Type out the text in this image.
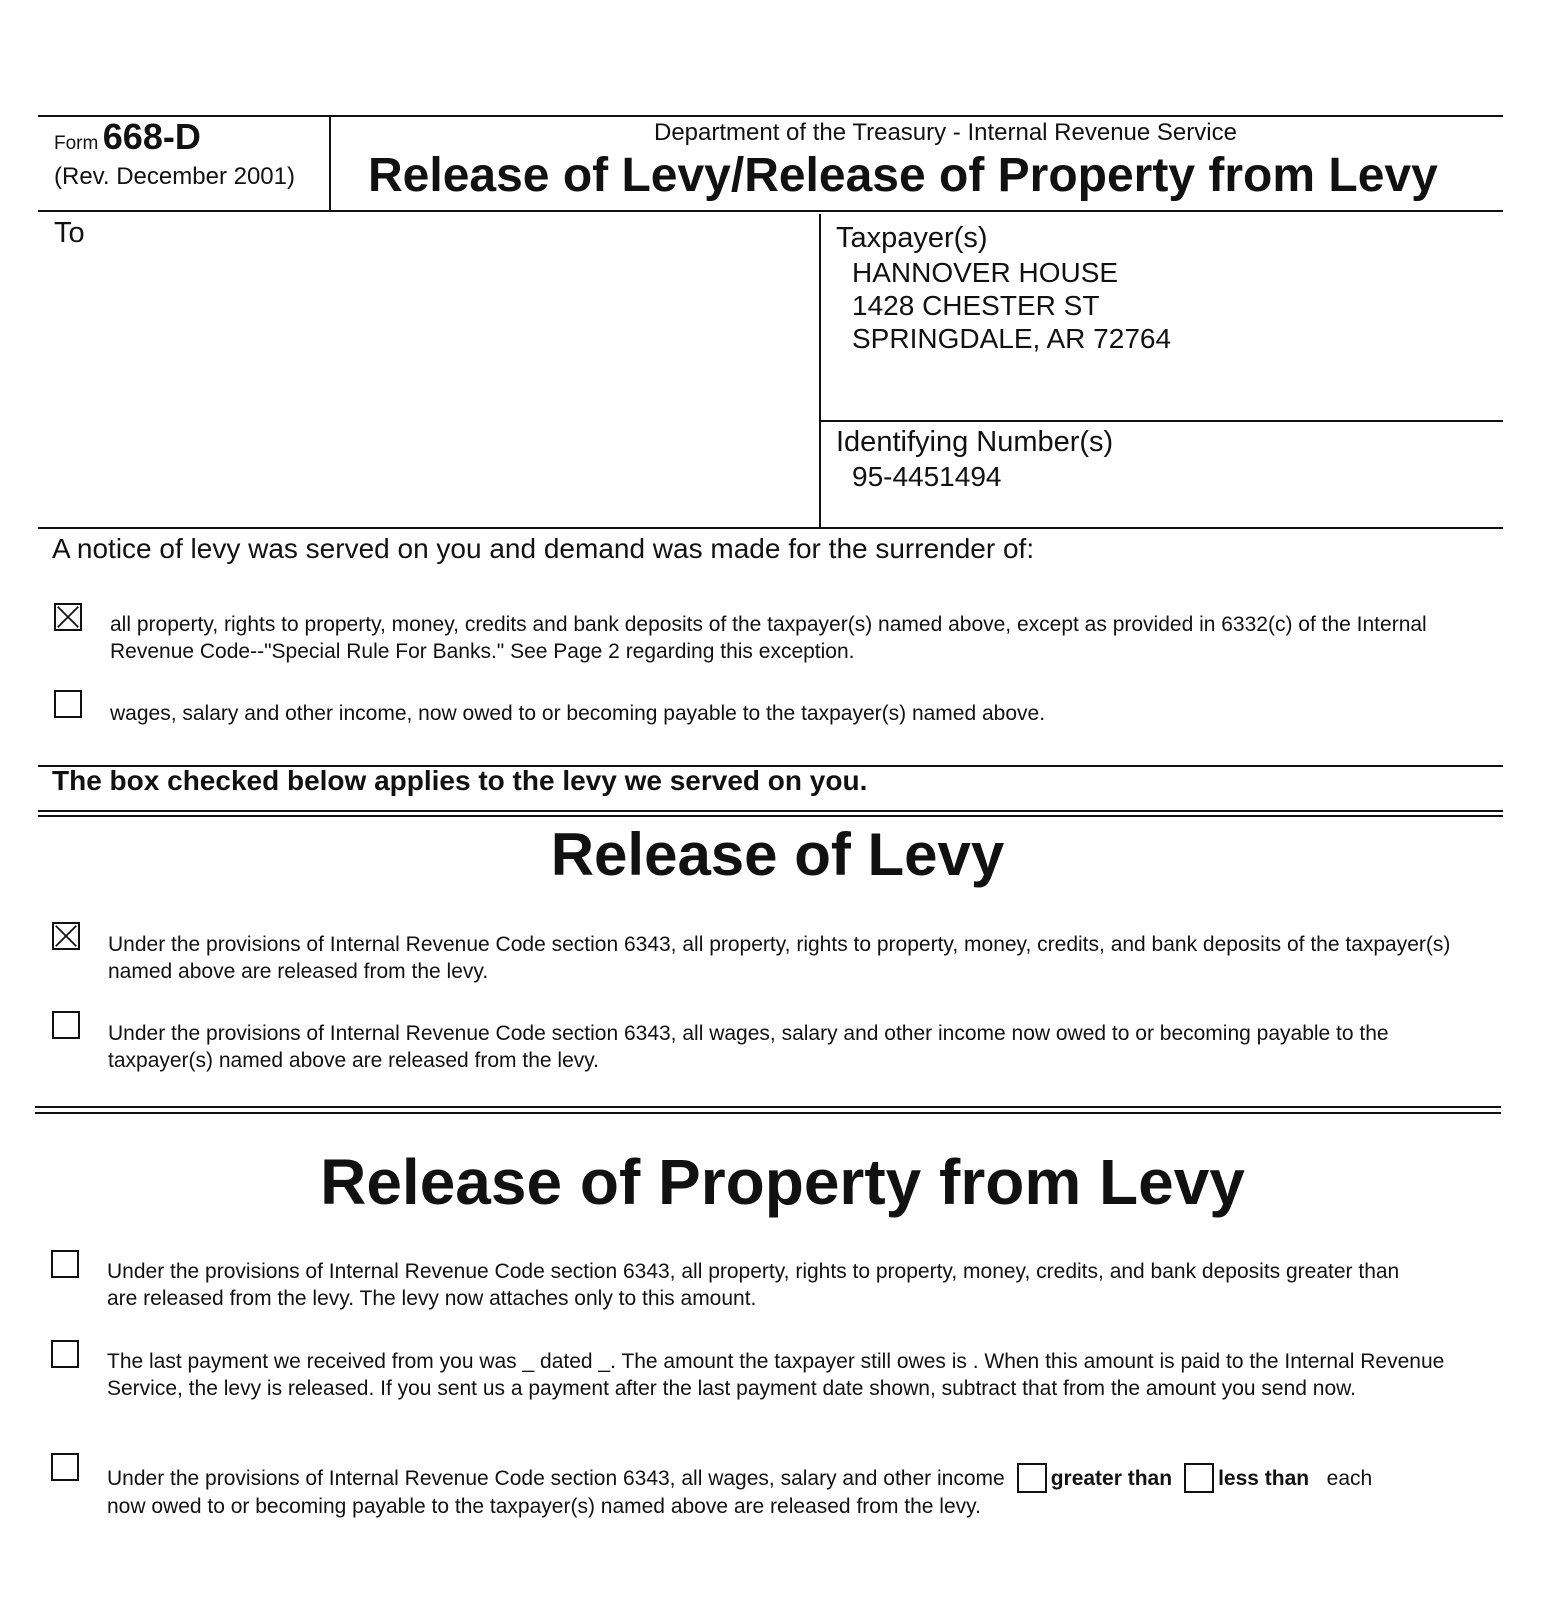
Form 668-D
(Rev. December 2001)
Department of the Treasury - Internal Revenue Service
Release of Levy/Release of Property from Levy
To	Taxpayer(s)
HANNOVER HOUSE
1428 CHESTER ST
SPRINGDALE, AR 72764
Identifying Number(s)
95-4451494
A notice of levy was served on you and demand was made for the surrender of:
all property, rights to property, money, credits and bank deposits of the taxpayer(s) named above, except as provided in 6332(c) of the Internal Revenue Code--"Special Rule For Banks." See Page 2 regarding this exception.
wages, salary and other income, now owed to or becoming payable to the taxpayer(s) named above.
The box checked below applies to the levy we served on you.
Release of Levy
Under the provisions of Internal Revenue Code section 6343, all property, rights to property, money, credits, and bank deposits of the taxpayer(s) named above are released from the levy.
Under the provisions of Internal Revenue Code section 6343, all wages, salary and other income now owed to or becoming payable to the taxpayer(s) named above are released from the levy.
Release of Property from Levy
Under the provisions of Internal Revenue Code section 6343, all property, rights to property, money, credits, and bank deposits greater than are released from the levy. The levy now attaches only to this amount.
The last payment we received from you was _ dated _. The amount the taxpayer still owes is . When this amount is paid to the Internal Revenue Service, the levy is released. If you sent us a payment after the last payment date shown, subtract that from the amount you send now.
Under the provisions of Internal Revenue Code section 6343, all wages, salary and other income greater than less than each
now owed to or becoming payable to the taxpayer(s) named above are released from the levy.
